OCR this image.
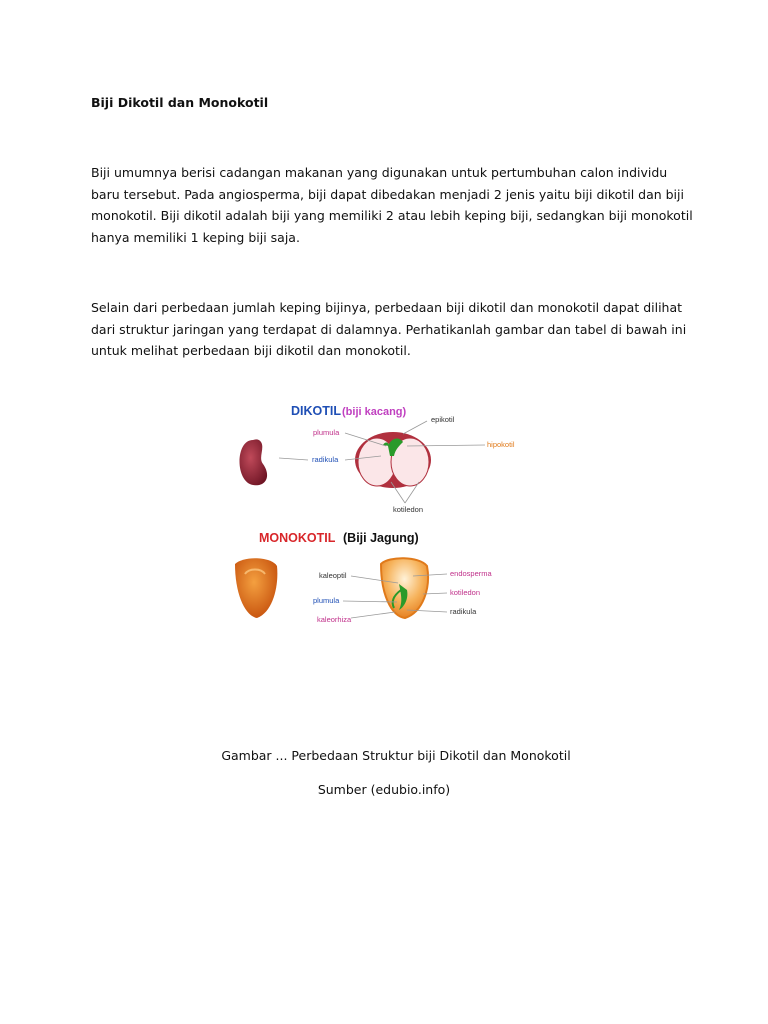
Biji Dikotil dan Monokotil

Biji umumnya berisi cadangan makanan yang digunakan untuk pertumbuhan calon individu
baru tersebut. Pada angiosperma, biji dapat dibedakan menjadi 2 jenis yaitu biji dikotil dan biji
monokotil. Biji dikotil adalah biji yang memiliki 2 atau lebih keping biji, sedangkan biji monokotil
hanya memiliki 1 keping biji saja.

Selain dari perbedaan jumlah keping bijinya, perbedaan biji dikotil dan monokotil dapat dilihat
dari struktur jaringan yang terdapat di dalamnya. Perhatikanlah gambar dan tabel di bawah ini
untuk melihat perbedaan biji dikotil dan monokotil.

DIKOTIL (biji kacang)
epikotil
plumula
hipokotil
radikula
kotiledon
MONOKOTIL (Biji Jagung)
kaleoptil	endosperma
kotiledon
plumula
radikula
kaleorhiza

Gambar ... Perbedaan Struktur biji Dikotil dan Monokotil

Sumber (edubio.info)
